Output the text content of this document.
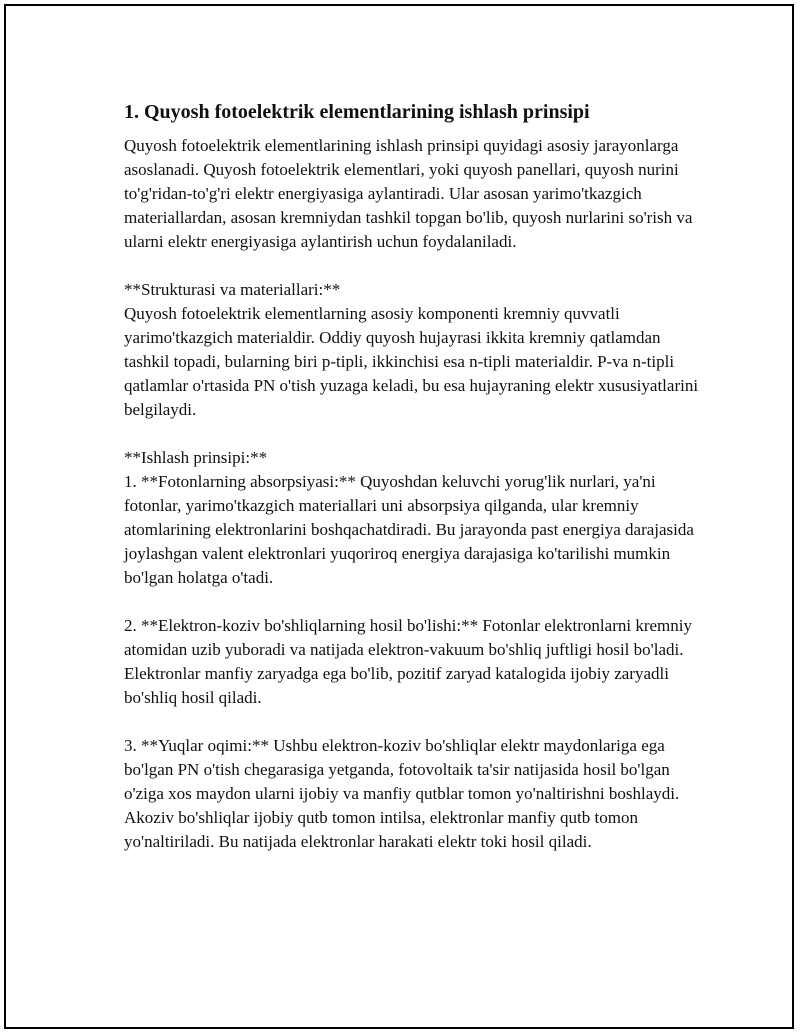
1. Quyosh fotoelektrik elementlarining ishlash prinsipi

Quyosh fotoelektrik elementlarining ishlash prinsipi quyidagi asosiy jarayonlarga asoslanadi. Quyosh fotoelektrik elementlari, yoki quyosh panellari, quyosh nurini to'g'ridan-to'g'ri elektr energiyasiga aylantiradi. Ular asosan yarimo'tkazgich materiallardan, asosan kremniydan tashkil topgan bo'lib, quyosh nurlarini so'rish va ularni elektr energiyasiga aylantirish uchun foydalaniladi.

**Strukturasi va materiallari:**

Quyosh fotoelektrik elementlarning asosiy komponenti kremniy quvvatli yarimo'tkazgich materialdir. Oddiy quyosh hujayrasi ikkita kremniy qatlamdan tashkil topadi, bularning biri p-tipli, ikkinchisi esa n-tipli materialdir. P-va n-tipli qatlamlar o'rtasida PN o'tish yuzaga keladi, bu esa hujayraning elektr xususiyatlarini belgilaydi.

**Ishlash prinsipi:**

1. **Fotonlarning absorpsiyasi:** Quyoshdan keluvchi yorug'lik nurlari, ya'ni fotonlar, yarimo'tkazgich materiallari uni absorpsiya qilganda, ular kremniy atomlarining elektronlarini boshqachatdiradi. Bu jarayonda past energiya darajasida joylashgan valent elektronlari yuqoriroq energiya darajasiga ko'tarilishi mumkin bo'lgan holatga o'tadi.

2. **Elektron-koziv bo'shliqlarning hosil bo'lishi:** Fotonlar elektronlarni kremniy atomidan uzib yuboradi va natijada elektron-vakuum bo'shliq juftligi hosil bo'ladi. Elektronlar manfiy zaryadga ega bo'lib, pozitif zaryad katalogida ijobiy zaryadli bo'shliq hosil qiladi.

3. **Yuqlar oqimi:** Ushbu elektron-koziv bo'shliqlar elektr maydonlariga ega bo'lgan PN o'tish chegarasiga yetganda, fotovoltaik ta'sir natijasida hosil bo'lgan o'ziga xos maydon ularni ijobiy va manfiy qutblar tomon yo'naltirishni boshlaydi. Akoziv bo'shliqlar ijobiy qutb tomon intilsa, elektronlar manfiy qutb tomon yo'naltiriladi. Bu natijada elektronlar harakati elektr toki hosil qiladi.
